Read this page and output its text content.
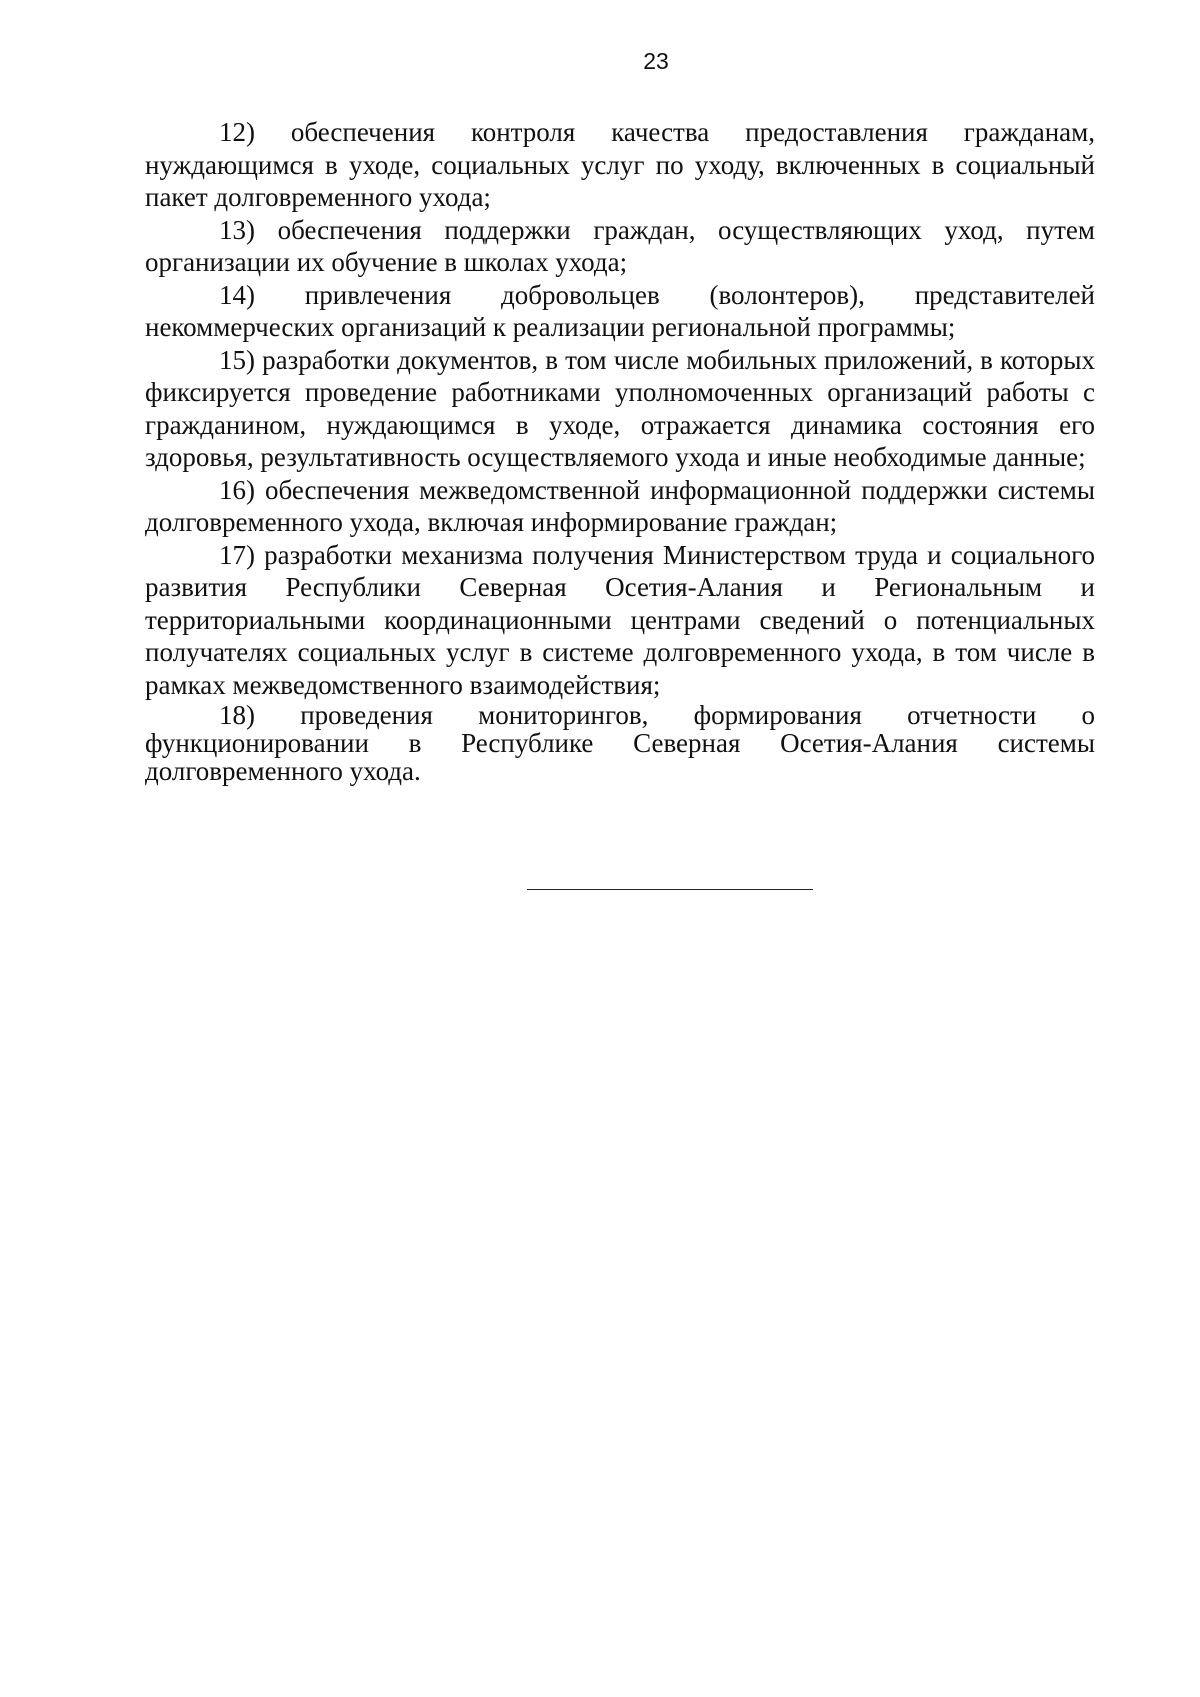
23

12) обеспечения контроля качества предоставления гражданам, нуждающимся в уходе, социальных услуг по уходу, включенных в социальный пакет долговременного ухода;

13) обеспечения поддержки граждан, осуществляющих уход, путем организации их обучение в школах ухода;

14) привлечения добровольцев (волонтеров), представителей некоммерческих организаций к реализации региональной программы;

15) разработки документов, в том числе мобильных приложений, в которых фиксируется проведение работниками уполномоченных организаций работы с гражданином, нуждающимся в уходе, отражается динамика состояния его здоровья, результативность осуществляемого ухода и иные необходимые данные;

16) обеспечения межведомственной информационной поддержки системы долговременного ухода, включая информирование граждан;

17) разработки механизма получения Министерством труда и социального развития Республики Северная Осетия-Алания и Региональным и территориальными координационными центрами сведений о потенциальных получателях социальных услуг в системе долговременного ухода, в том числе в рамках межведомственного взаимодействия;

18) проведения мониторингов, формирования отчетности о функционировании в Республике Северная Осетия-Алания системы долговременного ухода.
